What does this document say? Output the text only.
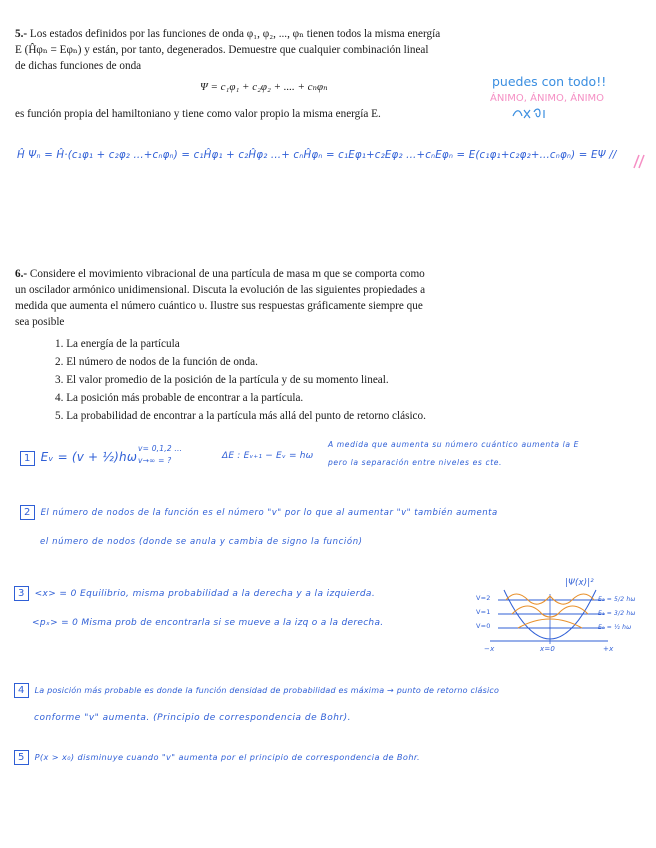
5.- Los estados definidos por las funciones de onda φ₁, φ₂, ..., φₙ tienen todos la misma energía
E (Ĥφₙ = Eφₙ) y están, por tanto, degenerados. Demuestre que cualquier combinación lineal
de dichas funciones de onda
Ψ = c₁φ₁ + c₂φ₂ + .... + cₙφₙ
es función propia del hamiltoniano y tiene como valor propio la misma energía E.
puedes con todo!!
ÁNIMO, ÁNIMO, ÁNIMO
Ĥ Ψₙ = Ĥ·(c₁φ₁ + c₂φ₂ ...+cₙφₙ) = c₁Ĥφ₁ + c₂Ĥφ₂ ...+ cₙĤφₙ = c₁Eφ₁+c₂Eφ₂ ...+cₙEφₙ = E(c₁φ₁+c₂φ₂+...cₙφₙ) = EΨ //
6.- Considere el movimiento vibracional de una partícula de masa m que se comporta como
un oscilador armónico unidimensional. Discuta la evolución de las siguientes propiedades a
medida que aumenta el número cuántico υ. Ilustre sus respuestas gráficamente siempre que
sea posible
1. La energía de la partícula
2. El número de nodos de la función de onda.
3. El valor promedio de la posición de la partícula y de su momento lineal.
4. La posición más probable de encontrar a la partícula.
5. La probabilidad de encontrar a la partícula más allá del punto de retorno clásico.
1 Eᵥ = (v + ½)hω
v= 0,1,2 ...
v→∞ = ?	ΔE : Eᵥ₊₁ − Eᵥ = hω
A medida que aumenta su número cuántico aumenta la E
pero la separación entre niveles es cte.
2 El número de nodos de la función es el número "v" por lo que al aumentar "v" también aumenta
el número de nodos (donde se anula y cambia de signo la función)
3 <x> = 0 Equilibrio, misma probabilidad a la derecha y a la izquierda.
<pₓ> = 0 Misma prob de encontrarla si se mueve a la izq o a la derecha.
|Ψ(x)|²
V=2
V=1
V=0
E₂ = 5/2 hω
E₁ = 3/2 hω
E₀ = ½ hω
−x	x=0	+x
4 La posición más probable es donde la función densidad de probabilidad es máxima → punto de retorno clásico
conforme "v" aumenta. (Principio de correspondencia de Bohr).
5 P(x > x₀) disminuye cuando "v" aumenta por el principio de correspondencia de Bohr.
